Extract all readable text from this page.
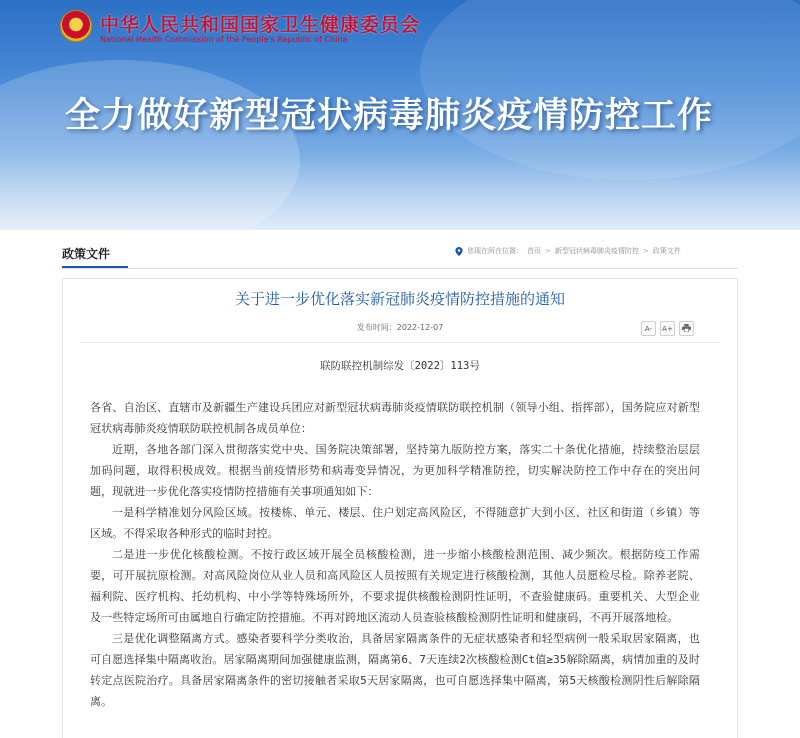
中华人民共和国国家卫生健康委员会
National Health Commission of the People's Republic of China
全力做好新型冠状病毒肺炎疫情防控工作
政策文件	您现在所在位置： 首页 > 新型冠状病毒肺炎疫情防控 > 政策文件
关于进一步优化落实新冠肺炎疫情防控措施的通知
发布时间：2022-12-07	A-	A+
联防联控机制综发〔2022〕113号

各省、自治区、直辖市及新疆生产建设兵团应对新型冠状病毒肺炎疫情联防联控机制（领导小组、指挥部），国务院应对新型冠状病毒肺炎疫情联防联控机制各成员单位：

近期，各地各部门深入贯彻落实党中央、国务院决策部署，坚持第九版防控方案，落实二十条优化措施，持续整治层层加码问题，取得积极成效。根据当前疫情形势和病毒变异情况，为更加科学精准防控，切实解决防控工作中存在的突出问题，现就进一步优化落实疫情防控措施有关事项通知如下：

一是科学精准划分风险区域。按楼栋、单元、楼层、住户划定高风险区，不得随意扩大到小区、社区和街道（乡镇）等区域。不得采取各种形式的临时封控。

二是进一步优化核酸检测。不按行政区域开展全员核酸检测，进一步缩小核酸检测范围、减少频次。根据防疫工作需要，可开展抗原检测。对高风险岗位从业人员和高风险区人员按照有关规定进行核酸检测，其他人员愿检尽检。除养老院、福利院、医疗机构、托幼机构、中小学等特殊场所外，不要求提供核酸检测阴性证明，不查验健康码。重要机关、大型企业及一些特定场所可由属地自行确定防控措施。不再对跨地区流动人员查验核酸检测阴性证明和健康码，不再开展落地检。

三是优化调整隔离方式。感染者要科学分类收治，具备居家隔离条件的无症状感染者和轻型病例一般采取居家隔离，也可自愿选择集中隔离收治。居家隔离期间加强健康监测，隔离第6、7天连续2次核酸检测Ct值≥35解除隔离，病情加重的及时转定点医院治疗。具备居家隔离条件的密切接触者采取5天居家隔离，也可自愿选择集中隔离，第5天核酸检测阴性后解除隔离。
